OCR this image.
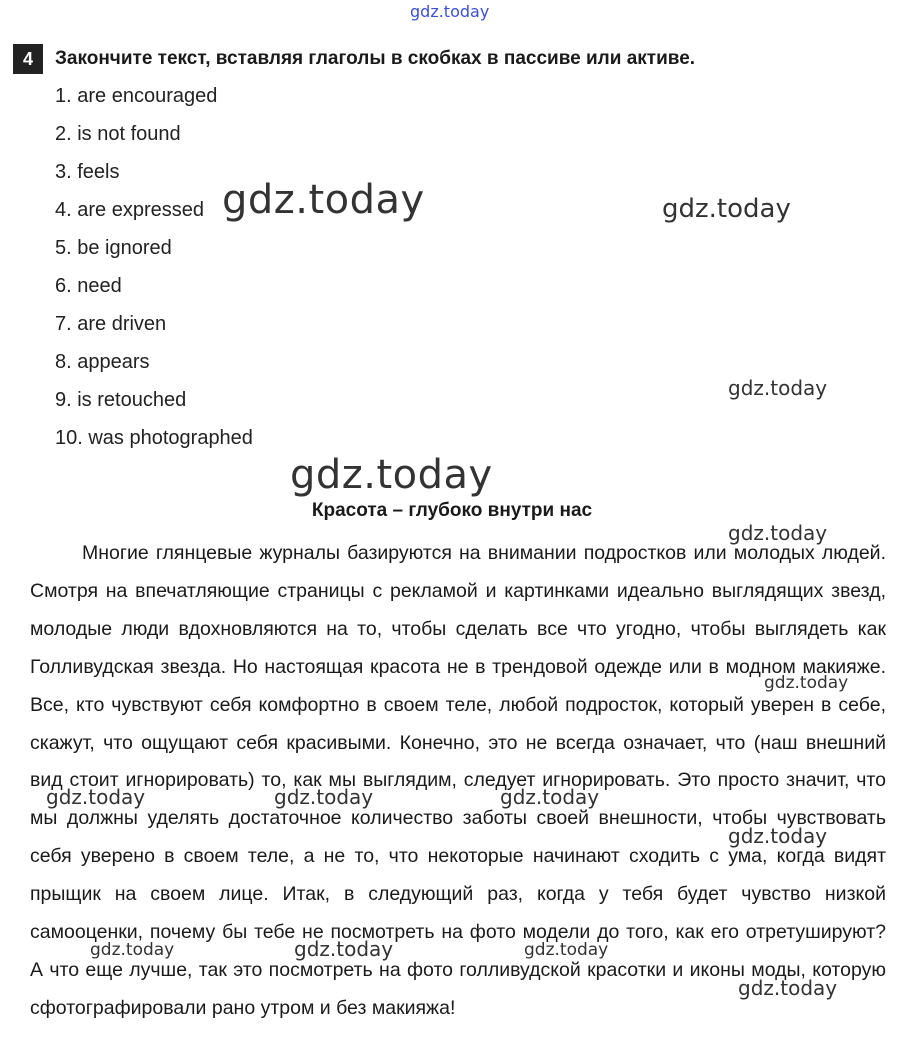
gdz.today
4	Закончите текст, вставляя глаголы в скобках в пассиве или активе.
1. are encouraged
2. is not found
3. feels
4. are expressed
5. be ignored
6. need
7. are driven
8. appears
9. is retouched
10. was photographed
Красота – глубоко внутри нас

Многие глянцевые журналы базируются на внимании подростков или молодых людей. Смотря на впечатляющие страницы с рекламой и картинками идеально выглядящих звезд, молодые люди вдохновляются на то, чтобы сделать все что угодно, чтобы выглядеть как Голливудская звезда. Но настоящая красота не в трендовой одежде или в модном макияже. Все, кто чувствуют себя комфортно в своем теле, любой подросток, который уверен в себе, скажут, что ощущают себя красивыми. Конечно, это не всегда означает, что (наш внешний вид стоит игнорировать) то, как мы выглядим, следует игнорировать. Это просто значит, что мы должны уделять достаточное количество заботы своей внешности, чтобы чувствовать себя уверено в своем теле, а не то, что некоторые начинают сходить с ума, когда видят прыщик на своем лице. Итак, в следующий раз, когда у тебя будет чувство низкой самооценки, почему бы тебе не посмотреть на фото модели до того, как его отретушируют? А что еще лучше, так это посмотреть на фото голливудской красотки и иконы моды, которую сфотографировали рано утром и без макияжа!

gdz.today	gdz.today
gdz.today
gdz.today
gdz.today
gdz.today
gdz.today	gdz.today	gdz.today
gdz.today
gdz.today	gdz.today	gdz.today
gdz.today
